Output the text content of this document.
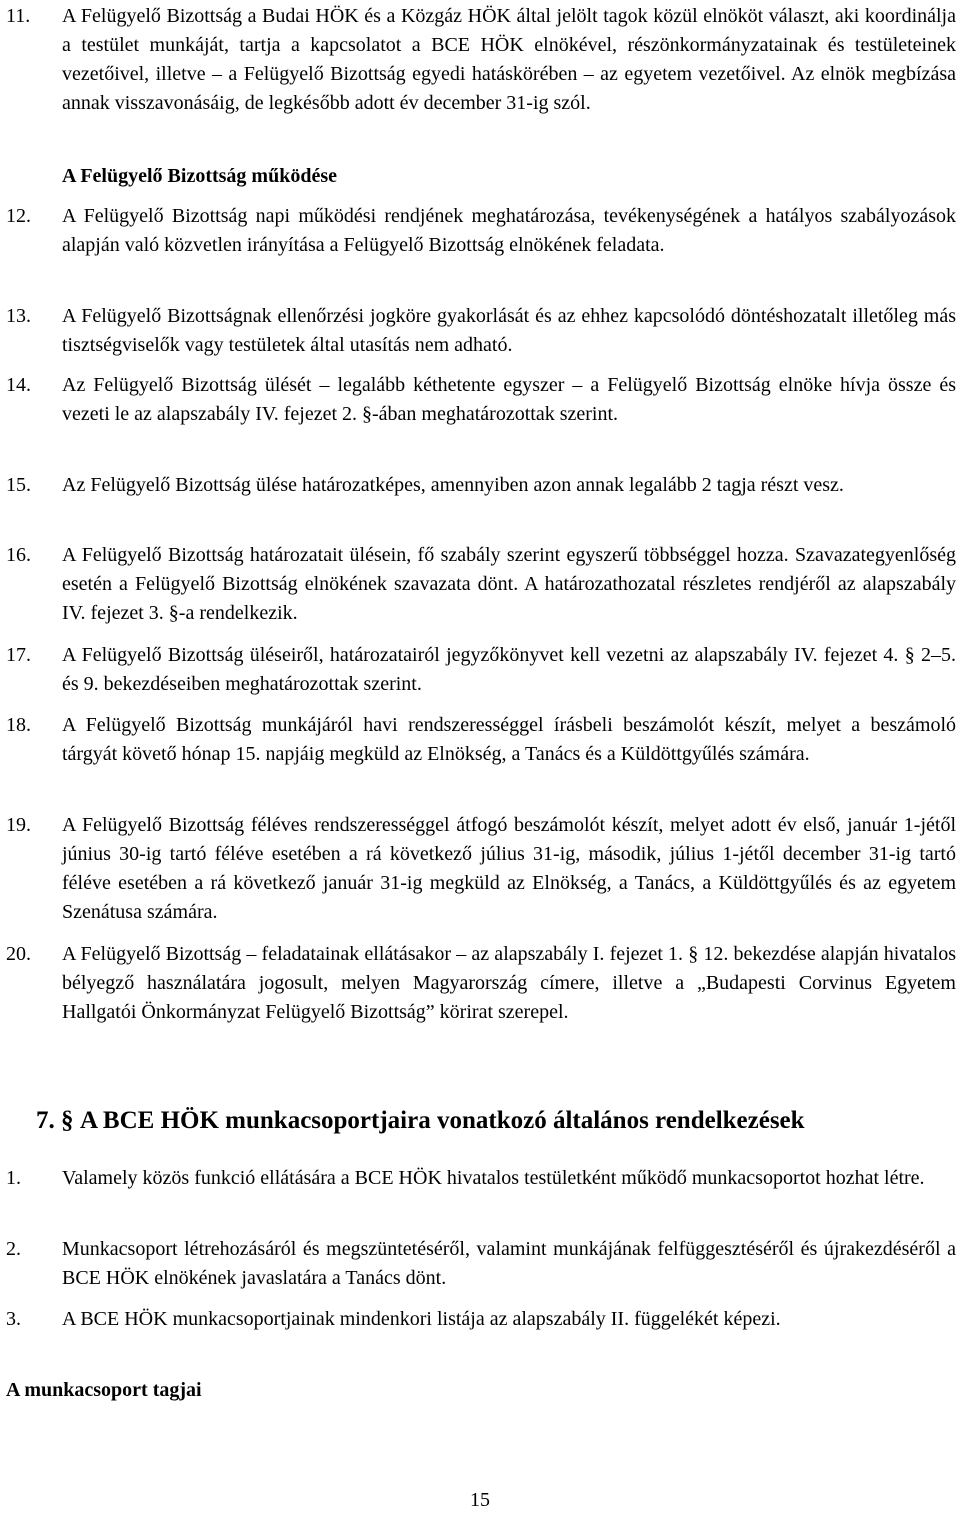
11. A Felügyelő Bizottság a Budai HÖK és a Közgáz HÖK által jelölt tagok közül elnököt választ, aki koordinálja a testület munkáját, tartja a kapcsolatot a BCE HÖK elnökével, részönkormányzatainak és testületeinek vezetőivel, illetve – a Felügyelő Bizottság egyedi hatáskörében – az egyetem vezetőivel. Az elnök megbízása annak visszavonásáig, de legkésőbb adott év december 31-ig szól.
A Felügyelő Bizottság működése
12. A Felügyelő Bizottság napi működési rendjének meghatározása, tevékenységének a hatályos szabályozások alapján való közvetlen irányítása a Felügyelő Bizottság elnökének feladata.
13. A Felügyelő Bizottságnak ellenőrzési jogköre gyakorlását és az ehhez kapcsolódó döntéshozatalt illetőleg más tisztségviselők vagy testületek által utasítás nem adható.
14. Az Felügyelő Bizottság ülését – legalább kéthetente egyszer – a Felügyelő Bizottság elnöke hívja össze és vezeti le az alapszabály IV. fejezet 2. §-ában meghatározottak szerint.
15. Az Felügyelő Bizottság ülése határozatképes, amennyiben azon annak legalább 2 tagja részt vesz.
16. A Felügyelő Bizottság határozatait ülésein, fő szabály szerint egyszerű többséggel hozza. Szavazategyenlőség esetén a Felügyelő Bizottság elnökének szavazata dönt. A határozathozatal részletes rendjéről az alapszabály IV. fejezet 3. §-a rendelkezik.
17. A Felügyelő Bizottság üléseiről, határozatairól jegyzőkönyvet kell vezetni az alapszabály IV. fejezet 4. § 2–5. és 9. bekezdéseiben meghatározottak szerint.
18. A Felügyelő Bizottság munkájáról havi rendszerességgel írásbeli beszámolót készít, melyet a beszámoló tárgyát követő hónap 15. napjáig megküld az Elnökség, a Tanács és a Küldöttgyűlés számára.
19. A Felügyelő Bizottság féléves rendszerességgel átfogó beszámolót készít, melyet adott év első, január 1-jétől június 30-ig tartó féléve esetében a rá következő július 31-ig, második, július 1-jétől december 31-ig tartó féléve esetében a rá következő január 31-ig megküld az Elnökség, a Tanács, a Küldöttgyűlés és az egyetem Szenátusa számára.
20. A Felügyelő Bizottság – feladatainak ellátásakor – az alapszabály I. fejezet 1. § 12. bekezdése alapján hivatalos bélyegző használatára jogosult, melyen Magyarország címere, illetve a „Budapesti Corvinus Egyetem Hallgatói Önkormányzat Felügyelő Bizottság” körirat szerepel.
7. § A BCE HÖK munkacsoportjaira vonatkozó általános rendelkezések
1. Valamely közös funkció ellátására a BCE HÖK hivatalos testületként működő munkacsoportot hozhat létre.
2. Munkacsoport létrehozásáról és megszüntetéséről, valamint munkájának felfüggesztéséről és újrakezdéséről a BCE HÖK elnökének javaslatára a Tanács dönt.
3. A BCE HÖK munkacsoportjainak mindenkori listája az alapszabály II. függelékét képezi.
A munkacsoport tagjai
15
